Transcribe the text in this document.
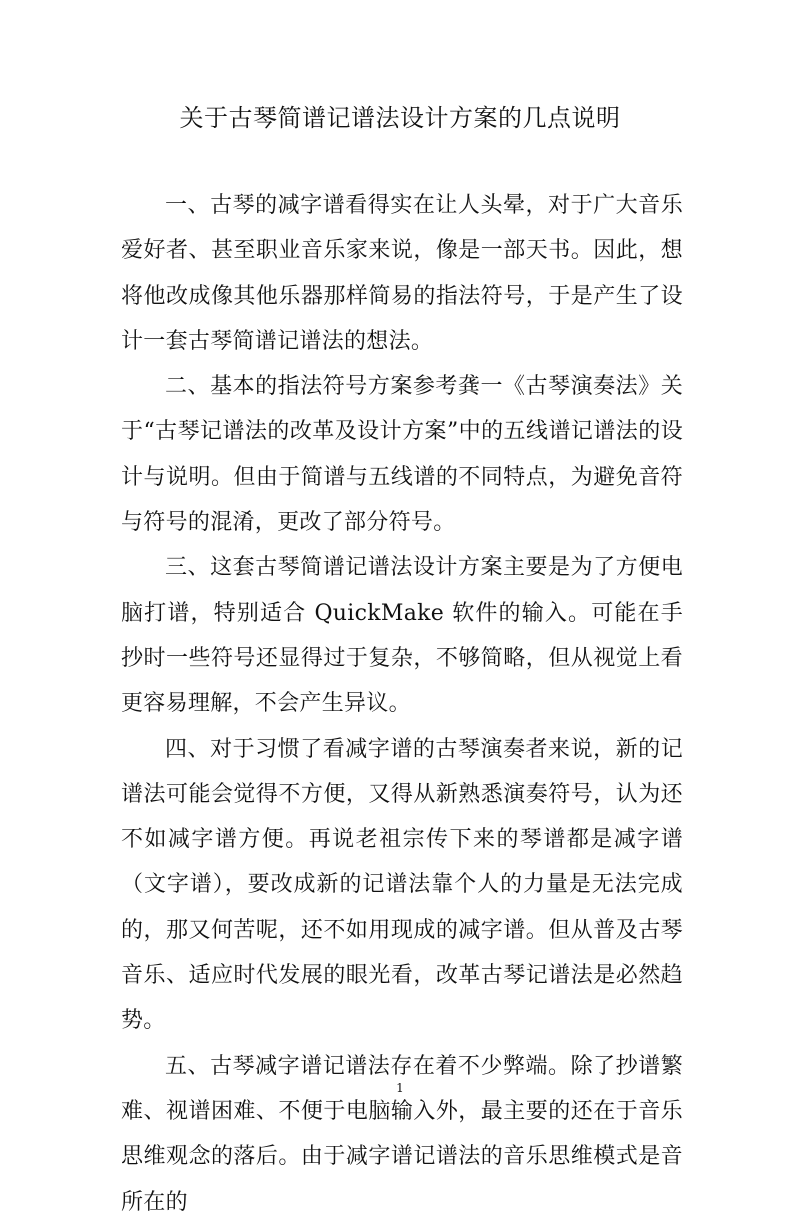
关于古琴简谱记谱法设计方案的几点说明

一、古琴的减字谱看得实在让人头晕，对于广大音乐爱好者、甚至职业音乐家来说，像是一部天书。因此，想将他改成像其他乐器那样简易的指法符号，于是产生了设计一套古琴简谱记谱法的想法。

二、基本的指法符号方案参考龚一《古琴演奏法》关于“古琴记谱法的改革及设计方案”中的五线谱记谱法的设计与说明。但由于简谱与五线谱的不同特点，为避免音符与符号的混淆，更改了部分符号。

三、这套古琴简谱记谱法设计方案主要是为了方便电脑打谱，特别适合 QuickMake 软件的输入。可能在手抄时一些符号还显得过于复杂，不够简略，但从视觉上看更容易理解，不会产生异议。

四、对于习惯了看减字谱的古琴演奏者来说，新的记谱法可能会觉得不方便，又得从新熟悉演奏符号，认为还不如减字谱方便。再说老祖宗传下来的琴谱都是减字谱（文字谱），要改成新的记谱法靠个人的力量是无法完成的，那又何苦呢，还不如用现成的减字谱。但从普及古琴音乐、适应时代发展的眼光看，改革古琴记谱法是必然趋势。

五、古琴减字谱记谱法存在着不少弊端。除了抄谱繁难、视谱困难、不便于电脑输入外，最主要的还在于音乐思维观念的落后。由于减字谱记谱法的音乐思维模式是音所在的

1
